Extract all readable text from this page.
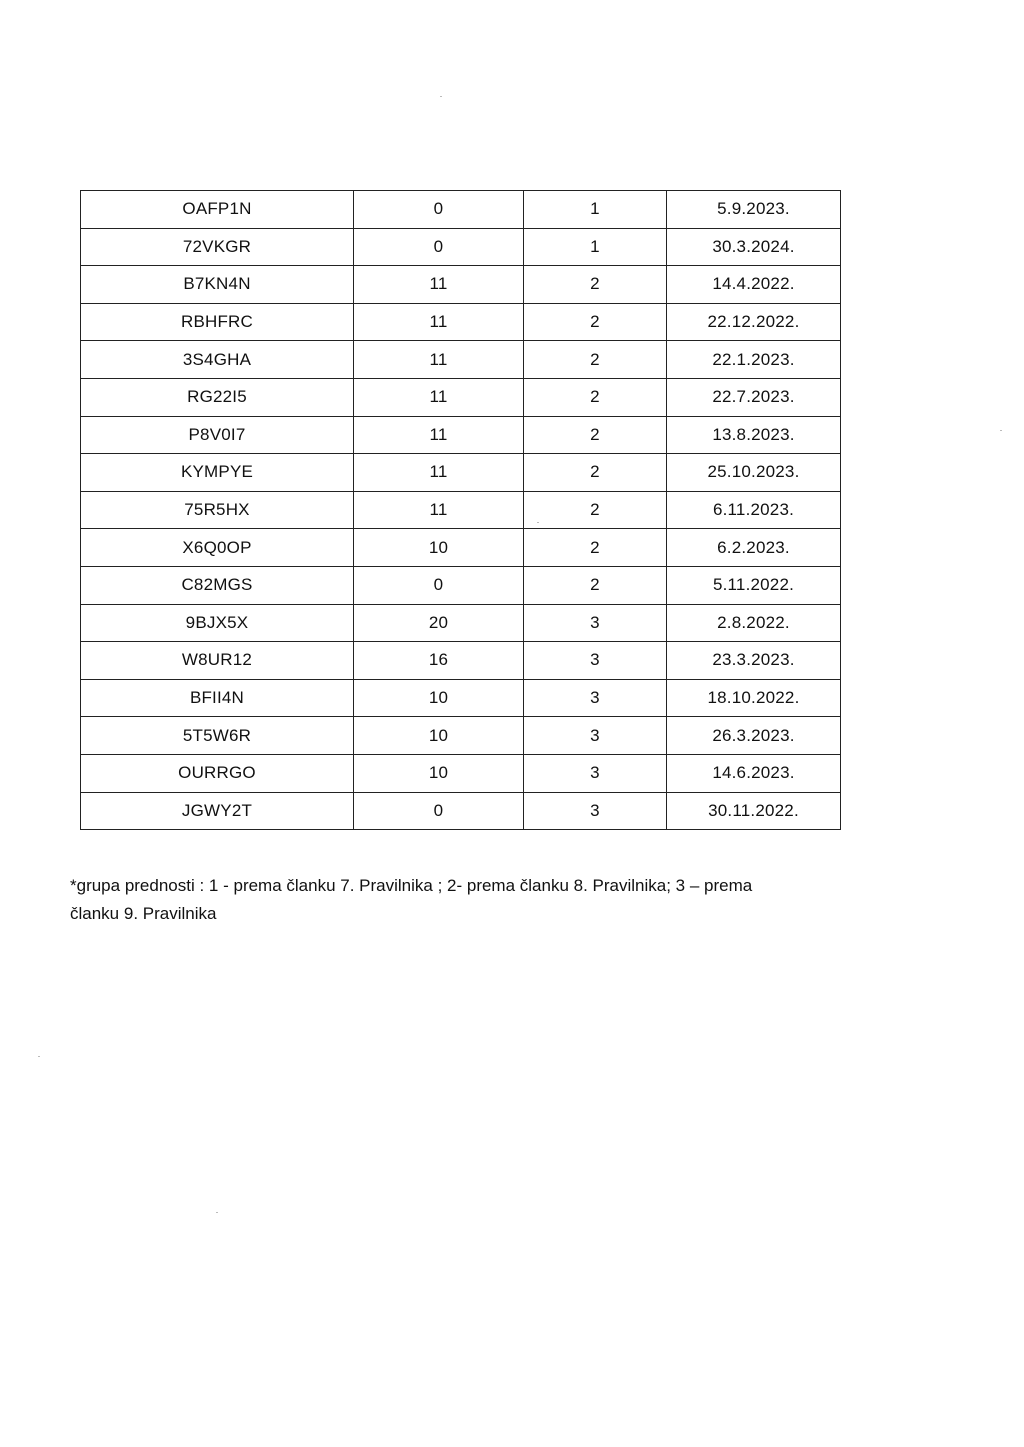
OAFP1N	0	1	5.9.2023.
72VKGR	0	1	30.3.2024.
B7KN4N	11	2	14.4.2022.
RBHFRC	11	2	22.12.2022.
3S4GHA	11	2	22.1.2023.
RG22I5	11	2	22.7.2023.
P8V0I7	11	2	13.8.2023.
KYMPYE	11	2	25.10.2023.
75R5HX	11	2	6.11.2023.
X6Q0OP	10	2	6.2.2023.
C82MGS	0	2	5.11.2022.
9BJX5X	20	3	2.8.2022.
W8UR12	16	3	23.3.2023.
BFII4N	10	3	18.10.2022.
5T5W6R	10	3	26.3.2023.
OURRGO	10	3	14.6.2023.
JGWY2T	0	3	30.11.2022.
*grupa prednosti : 1 - prema članku 7. Pravilnika ; 2- prema članku 8. Pravilnika; 3 – prema
članku 9. Pravilnika
